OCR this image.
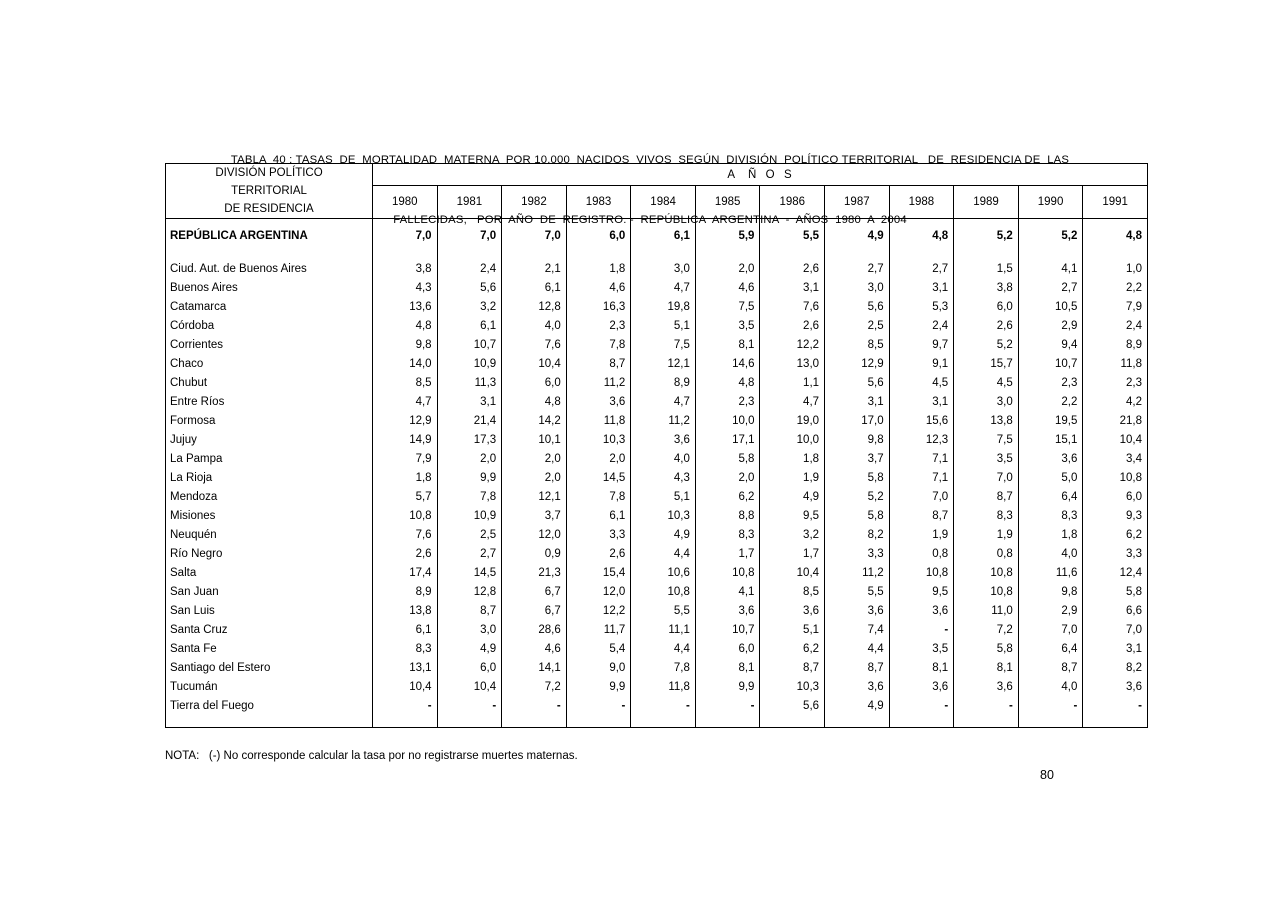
TABLA  40 : TASAS  DE  MORTALIDAD  MATERNA  POR 10.000  NACIDOS  VIVOS  SEGÚN  DIVISIÓN  POLÍTICO TERRITORIAL   DE  RESIDENCIA DE  LAS

FALLECIDAS,   POR  AÑO  DE  REGISTRO. -  REPÚBLICA  ARGENTINA  -  AÑOS  1980  A  2004

DIVISIÓN POLÍTICO
TERRITORIAL
DE RESIDENCIA	A   Ñ  O  S											
	1980	1981	1982	1983	1984	1985	1986	1987	1988	1989	1990	1991

REPÚBLICA ARGENTINA	7,0	7,0	7,0	6,0	6,1	5,9	5,5	4,9	4,8	5,2	5,2	4,8

Ciud. Aut. de Buenos Aires	3,8	2,4	2,1	1,8	3,0	2,0	2,6	2,7	2,7	1,5	4,1	1,0
Buenos Aires	4,3	5,6	6,1	4,6	4,7	4,6	3,1	3,0	3,1	3,8	2,7	2,2
Catamarca	13,6	3,2	12,8	16,3	19,8	7,5	7,6	5,6	5,3	6,0	10,5	7,9
Córdoba	4,8	6,1	4,0	2,3	5,1	3,5	2,6	2,5	2,4	2,6	2,9	2,4
Corrientes	9,8	10,7	7,6	7,8	7,5	8,1	12,2	8,5	9,7	5,2	9,4	8,9
Chaco	14,0	10,9	10,4	8,7	12,1	14,6	13,0	12,9	9,1	15,7	10,7	11,8
Chubut	8,5	11,3	6,0	11,2	8,9	4,8	1,1	5,6	4,5	4,5	2,3	2,3
Entre Ríos	4,7	3,1	4,8	3,6	4,7	2,3	4,7	3,1	3,1	3,0	2,2	4,2
Formosa	12,9	21,4	14,2	11,8	11,2	10,0	19,0	17,0	15,6	13,8	19,5	21,8
Jujuy	14,9	17,3	10,1	10,3	3,6	17,1	10,0	9,8	12,3	7,5	15,1	10,4
La Pampa	7,9	2,0	2,0	2,0	4,0	5,8	1,8	3,7	7,1	3,5	3,6	3,4
La Rioja	1,8	9,9	2,0	14,5	4,3	2,0	1,9	5,8	7,1	7,0	5,0	10,8
Mendoza	5,7	7,8	12,1	7,8	5,1	6,2	4,9	5,2	7,0	8,7	6,4	6,0
Misiones	10,8	10,9	3,7	6,1	10,3	8,8	9,5	5,8	8,7	8,3	8,3	9,3
Neuquén	7,6	2,5	12,0	3,3	4,9	8,3	3,2	8,2	1,9	1,9	1,8	6,2
Río Negro	2,6	2,7	0,9	2,6	4,4	1,7	1,7	3,3	0,8	0,8	4,0	3,3
Salta	17,4	14,5	21,3	15,4	10,6	10,8	10,4	11,2	10,8	10,8	11,6	12,4
San Juan	8,9	12,8	6,7	12,0	10,8	4,1	8,5	5,5	9,5	10,8	9,8	5,8
San Luis	13,8	8,7	6,7	12,2	5,5	3,6	3,6	3,6	3,6	11,0	2,9	6,6
Santa Cruz	6,1	3,0	28,6	11,7	11,1	10,7	5,1	7,4	-	7,2	7,0	7,0
Santa Fe	8,3	4,9	4,6	5,4	4,4	6,0	6,2	4,4	3,5	5,8	6,4	3,1
Santiago del Estero	13,1	6,0	14,1	9,0	7,8	8,1	8,7	8,7	8,1	8,1	8,7	8,2
Tucumán	10,4	10,4	7,2	9,9	11,8	9,9	10,3	3,6	3,6	3,6	4,0	3,6
Tierra del Fuego	-	-	-	-	-	-	5,6	4,9	-	-	-	-

NOTA:   (-) No corresponde calcular la tasa por no registrarse muertes maternas.
80
